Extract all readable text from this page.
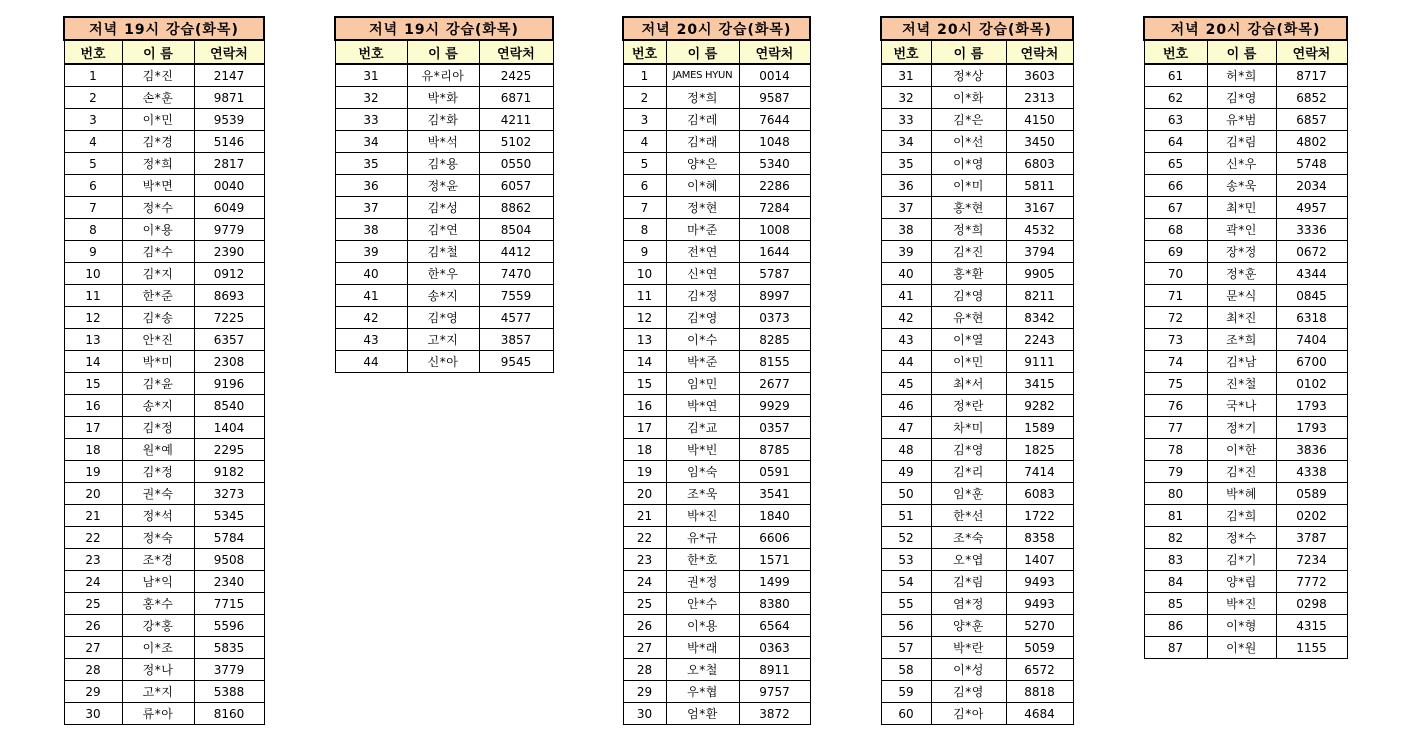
저녁 19시 강습(화목)		
번호	이 름	연락처
1	김*진	2147
2	손*훈	9871
3	이*민	9539
4	김*경	5146
5	정*희	2817
6	박*면	0040
7	정*수	6049
8	이*용	9779
9	김*수	2390
10	김*지	0912
11	한*준	8693
12	김*송	7225
13	안*진	6357
14	박*미	2308
15	김*윤	9196
16	송*지	8540
17	김*정	1404
18	원*예	2295
19	김*정	9182
20	권*숙	3273
21	정*석	5345
22	정*숙	5784
23	조*경	9508
24	남*익	2340
25	홍*수	7715
26	강*홍	5596
27	이*조	5835
28	정*나	3779
29	고*지	5388
30	류*아	8160
저녁 19시 강습(화목)		
번호	이 름	연락처
31	유*리아	2425
32	박*화	6871
33	김*화	4211
34	박*석	5102
35	김*용	0550
36	정*윤	6057
37	김*성	8862
38	김*연	8504
39	김*철	4412
40	한*우	7470
41	송*지	7559
42	김*영	4577
43	고*지	3857
44	신*아	9545
저녁 20시 강습(화목)		
번호	이 름	연락처
1	JAMES HYUN	0014
2	정*희	9587
3	김*레	7644
4	김*래	1048
5	양*은	5340
6	이*혜	2286
7	정*현	7284
8	마*준	1008
9	전*연	1644
10	신*연	5787
11	김*정	8997
12	김*영	0373
13	이*수	8285
14	박*준	8155
15	임*민	2677
16	박*연	9929
17	김*교	0357
18	박*빈	8785
19	임*숙	0591
20	조*욱	3541
21	박*진	1840
22	유*규	6606
23	한*호	1571
24	권*정	1499
25	안*수	8380
26	이*용	6564
27	박*래	0363
28	오*철	8911
29	우*협	9757
30	엄*환	3872
저녁 20시 강습(화목)		
번호	이 름	연락처
31	정*상	3603
32	이*화	2313
33	김*은	4150
34	이*선	3450
35	이*영	6803
36	이*미	5811
37	홍*현	3167
38	정*희	4532
39	김*진	3794
40	홍*환	9905
41	김*영	8211
42	유*현	8342
43	이*열	2243
44	이*민	9111
45	최*서	3415
46	정*란	9282
47	차*미	1589
48	김*영	1825
49	김*리	7414
50	임*훈	6083
51	한*선	1722
52	조*숙	8358
53	오*엽	1407
54	김*림	9493
55	염*정	9493
56	양*훈	5270
57	박*란	5059
58	이*성	6572
59	김*영	8818
60	김*아	4684
저녁 20시 강습(화목)		
번호	이 름	연락처
61	허*희	8717
62	김*영	6852
63	유*범	6857
64	김*림	4802
65	신*우	5748
66	송*욱	2034
67	최*민	4957
68	곽*인	3336
69	장*정	0672
70	정*훈	4344
71	문*식	0845
72	최*진	6318
73	조*희	7404
74	김*남	6700
75	진*철	0102
76	국*나	1793
77	정*기	1793
78	이*한	3836
79	김*진	4338
80	박*혜	0589
81	김*희	0202
82	정*수	3787
83	김*기	7234
84	양*립	7772
85	박*진	0298
86	이*형	4315
87	이*원	1155
